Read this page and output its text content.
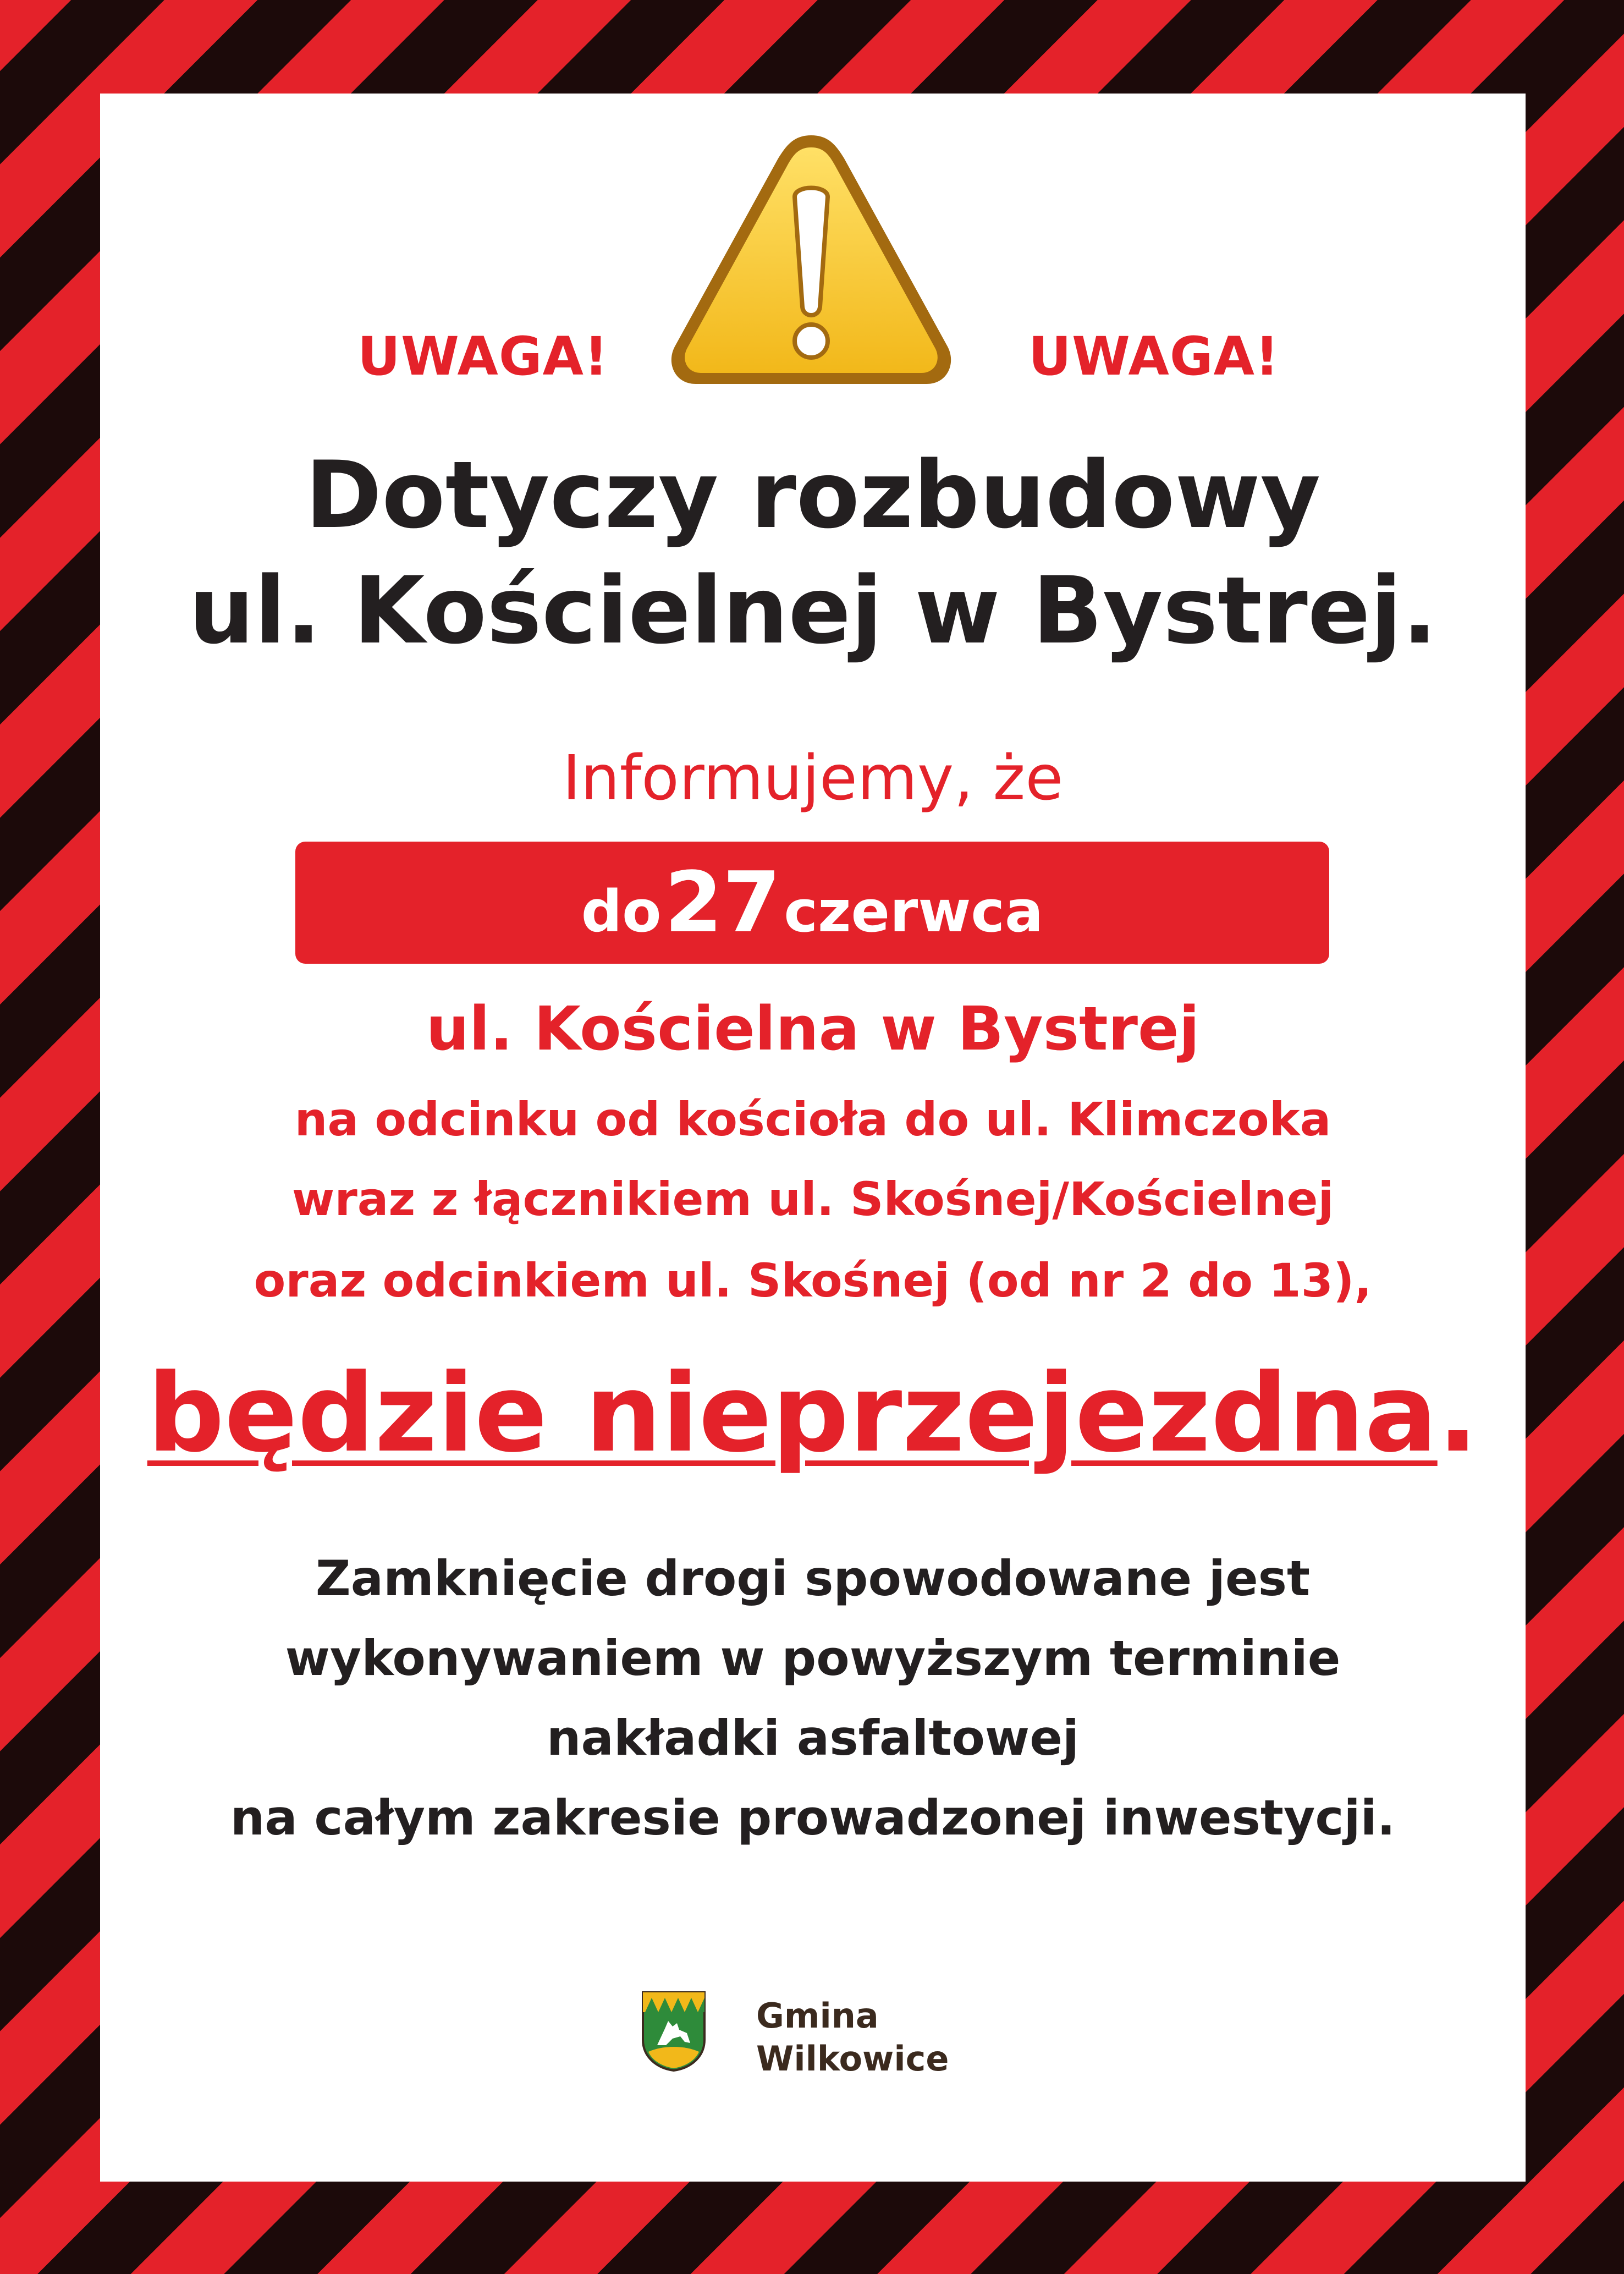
UWAGA!	UWAGA!
Dotyczy rozbudowy
ul. Kościelnej w Bystrej.
Informujemy, że
do 27 czerwca
ul. Kościelna w Bystrej
na odcinku od kościoła do ul. Klimczoka
wraz z łącznikiem ul. Skośnej/Kościelnej
oraz odcinkiem ul. Skośnej (od nr 2 do 13),
będzie nieprzejezdna.
Zamknięcie drogi spowodowane jest
wykonywaniem w powyższym terminie
nakładki asfaltowej
na całym zakresie prowadzonej inwestycji.
Gmina
Wilkowice
